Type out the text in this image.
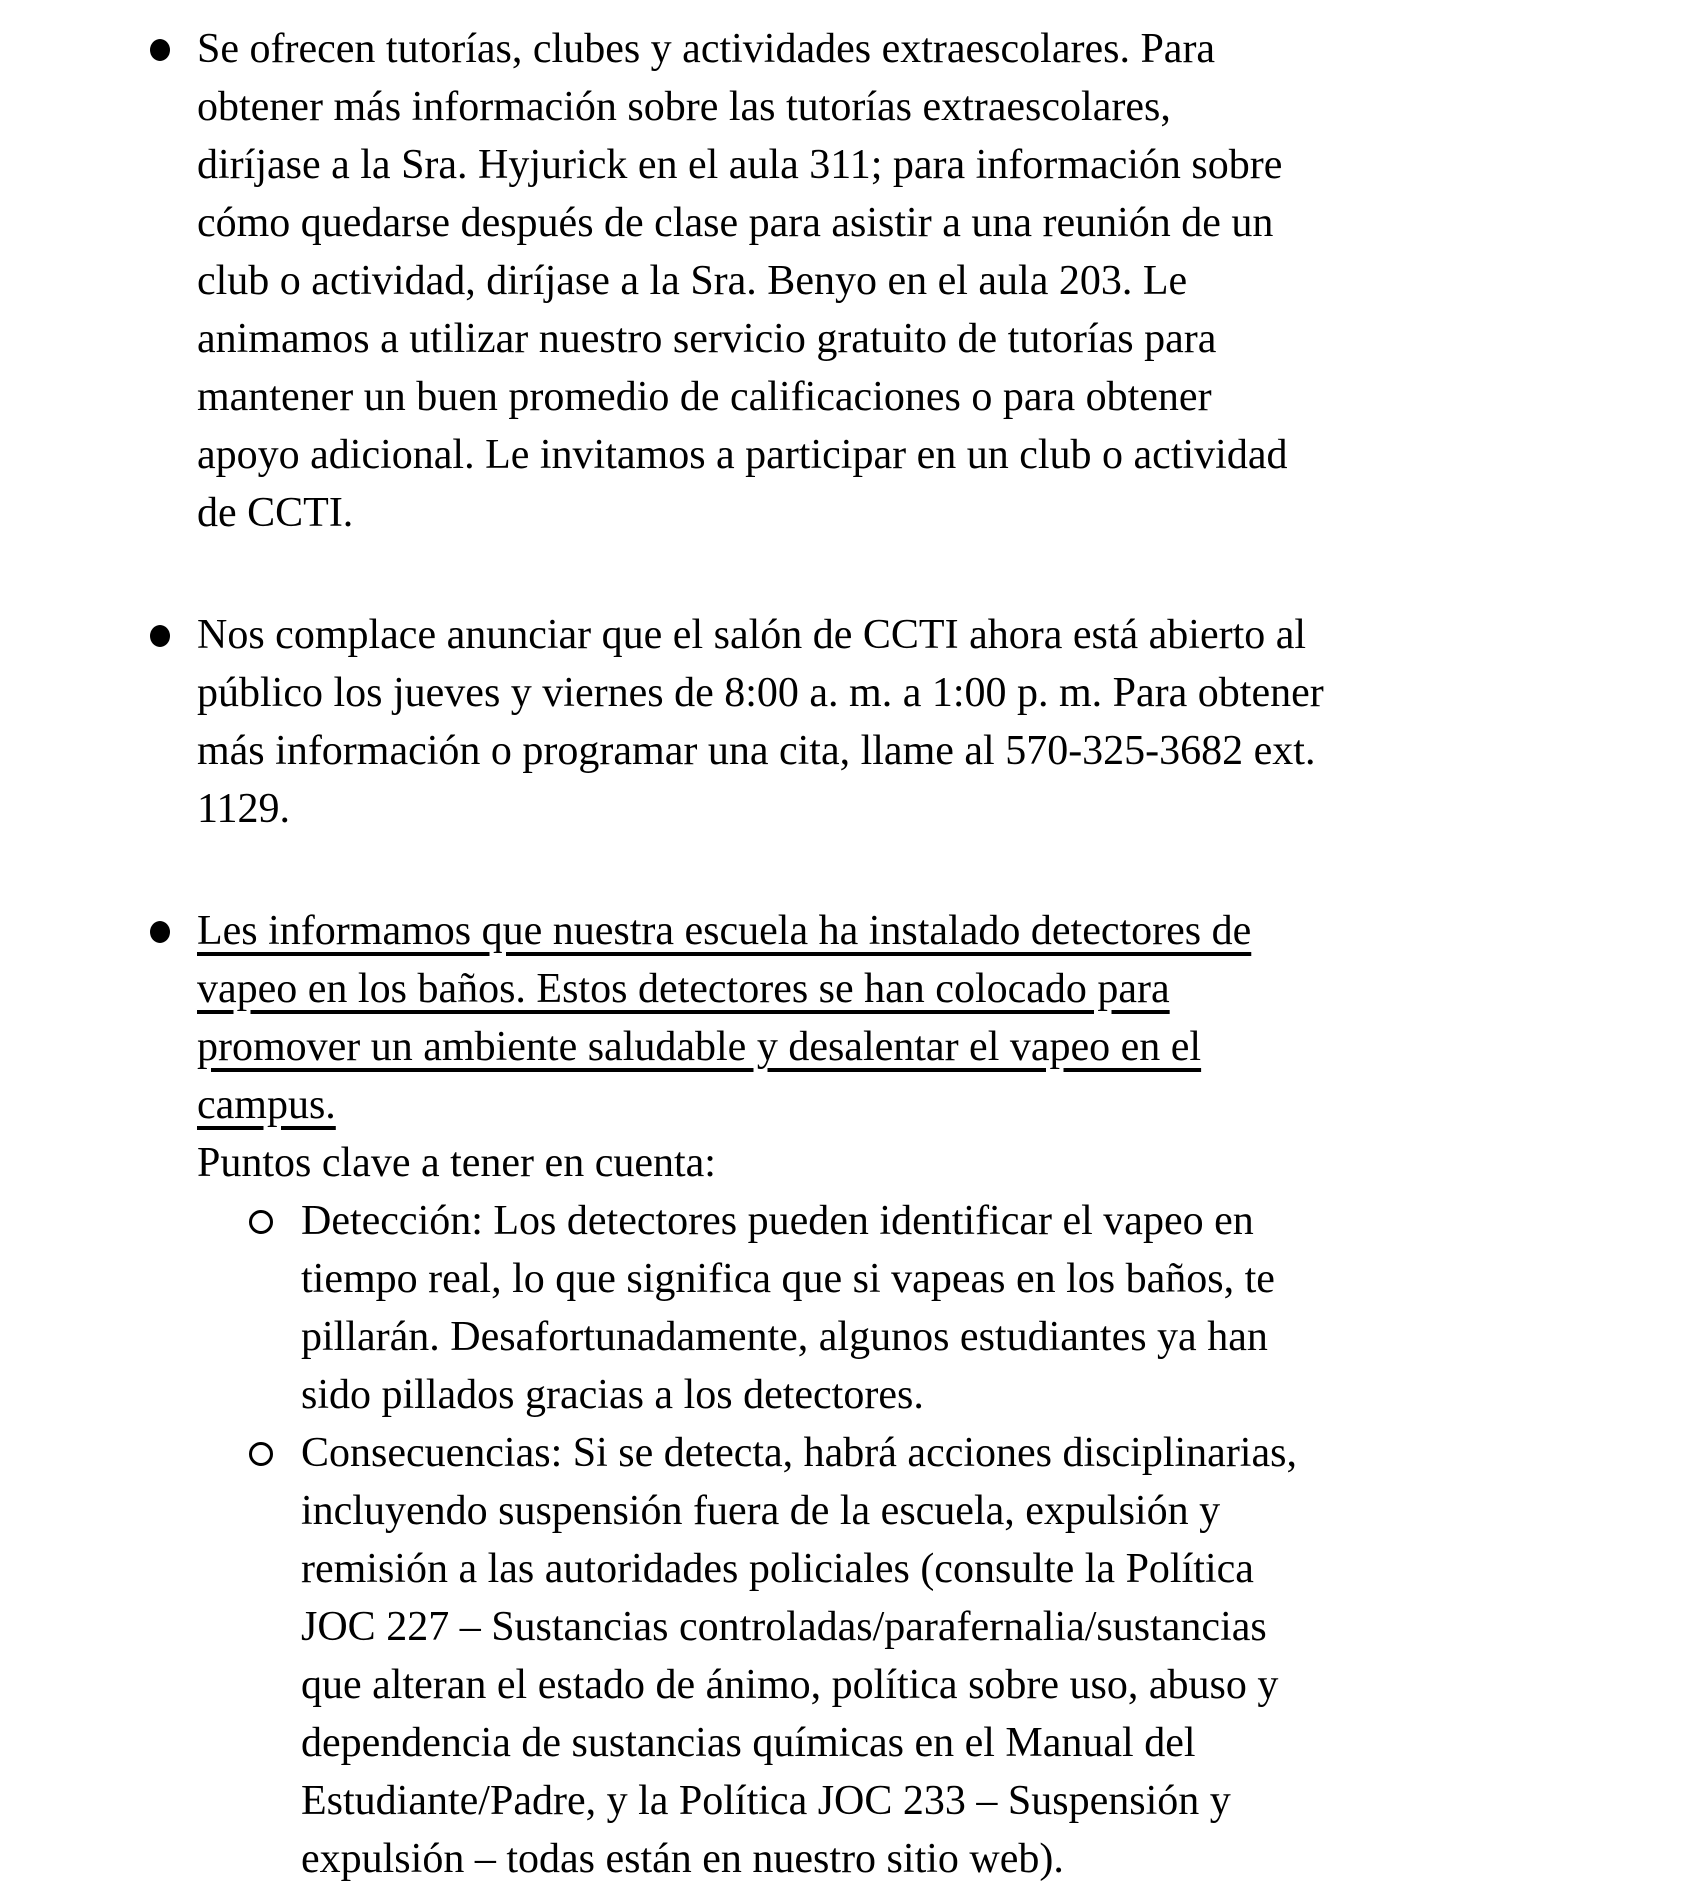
Se ofrecen tutorías, clubes y actividades extraescolares. Para
obtener más información sobre las tutorías extraescolares,
diríjase a la Sra. Hyjurick en el aula 311; para información sobre
cómo quedarse después de clase para asistir a una reunión de un
club o actividad, diríjase a la Sra. Benyo en el aula 203. Le
animamos a utilizar nuestro servicio gratuito de tutorías para
mantener un buen promedio de calificaciones o para obtener
apoyo adicional. Le invitamos a participar en un club o actividad
de CCTI.
Nos complace anunciar que el salón de CCTI ahora está abierto al
público los jueves y viernes de 8:00 a. m. a 1:00 p. m. Para obtener
más información o programar una cita, llame al 570-325-3682 ext.
1129.
Les informamos que nuestra escuela ha instalado detectores de
vapeo en los baños. Estos detectores se han colocado para
promover un ambiente saludable y desalentar el vapeo en el
campus.
Puntos clave a tener en cuenta:
Detección: Los detectores pueden identificar el vapeo en
tiempo real, lo que significa que si vapeas en los baños, te
pillarán. Desafortunadamente, algunos estudiantes ya han
sido pillados gracias a los detectores.
Consecuencias: Si se detecta, habrá acciones disciplinarias,
incluyendo suspensión fuera de la escuela, expulsión y
remisión a las autoridades policiales (consulte la Política
JOC 227 – Sustancias controladas/parafernalia/sustancias
que alteran el estado de ánimo, política sobre uso, abuso y
dependencia de sustancias químicas en el Manual del
Estudiante/Padre, y la Política JOC 233 – Suspensión y
expulsión – todas están en nuestro sitio web).
